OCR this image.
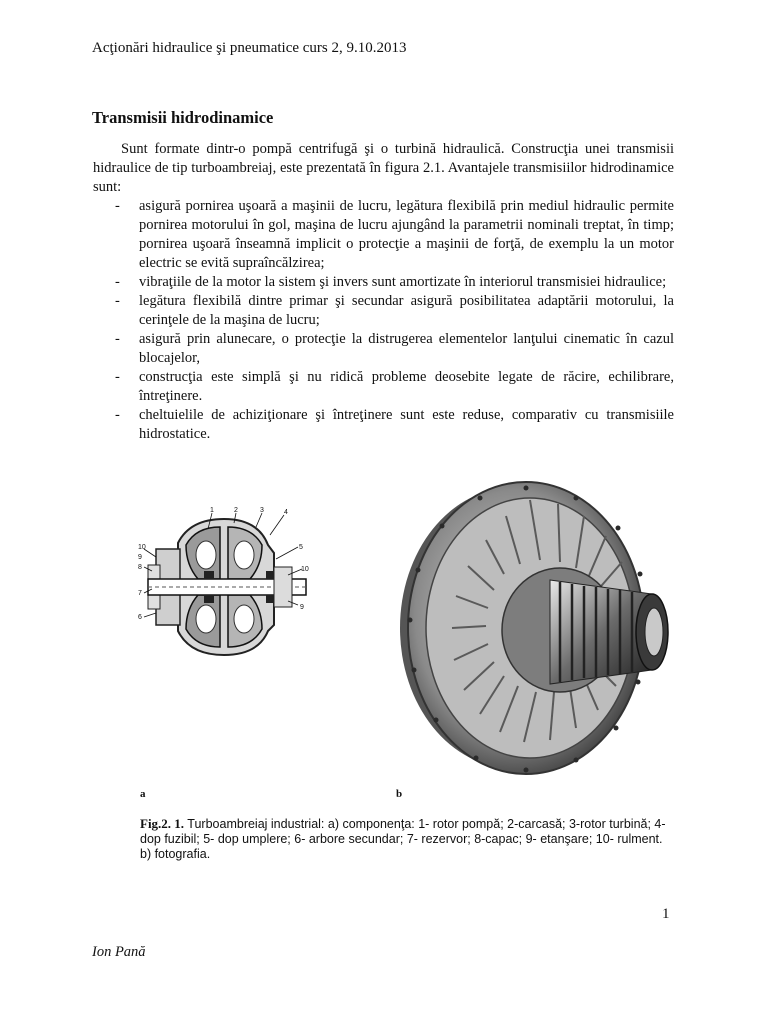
Acţionări hidraulice şi pneumatice curs 2, 9.10.2013
Transmisii hidrodinamice

Sunt formate dintr-o pompă centrifugă şi o turbină hidraulică. Construcţia unei transmisii hidraulice de tip turboambreiaj, este prezentată în figura 2.1. Avantajele transmisiilor hidrodinamice sunt:

- asigură pornirea uşoară a maşinii de lucru, legătura flexibilă prin mediul hidraulic permite pornirea motorului în gol, maşina de lucru ajungând la parametrii nominali treptat, în timp; pornirea uşoară înseamnă implicit o protecţie a maşinii de forţă, de exemplu la un motor electric se evită supraîncălzirea;
- vibraţiile de la motor la sistem şi invers sunt amortizate în interiorul transmisiei hidraulice;
- legătura flexibilă dintre primar şi secundar asigură posibilitatea adaptării motorului, la cerinţele de la maşina de lucru;
- asigură prin alunecare, o protecţie la distrugerea elementelor lanţului cinematic în cazul blocajelor,
- construcţia este simplă şi nu ridică probleme deosebite legate de răcire, echilibrare, întreţinere.
- cheltuielile de achiziţionare şi întreţinere sunt este reduse, comparativ cu transmisiile hidrostatice.
1	2	3	4
5
10
9
8
7
6
10
9
a	b
Fig.2. 1. Turboambreiaj industrial: a) componenţa: 1- rotor pompă; 2-carcasă; 3-rotor turbină; 4-dop fuzibil; 5- dop umplere; 6- arbore secundar; 7- rezervor; 8-capac; 9- etanşare; 10- rulment. b) fotografia.
1
Ion Pană
